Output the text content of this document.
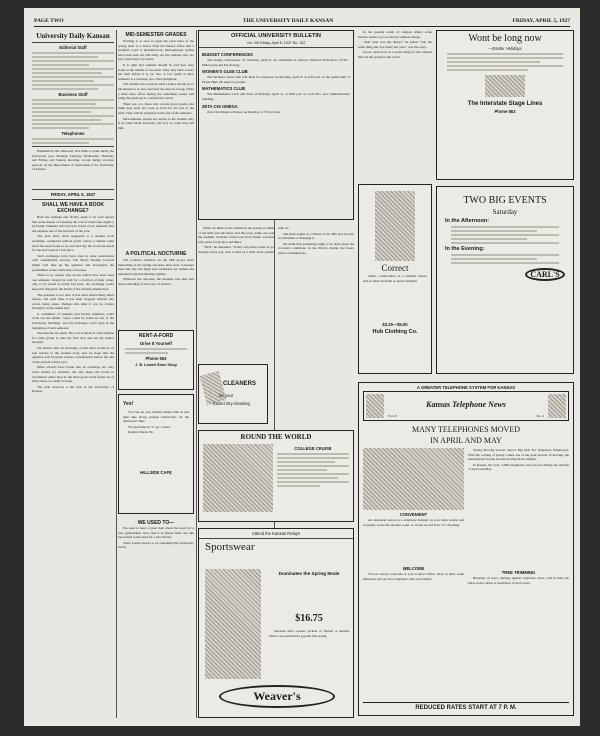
PAGE TWO	THE UNIVERSITY DAILY KANSAN	FRIDAY, APRIL 5, 1927
University Daily Kansan
Editorial Staff
Business Staff
Telephones

Published in the afternoon, five times a week during the University year, Monday, Tuesday, Wednesday, Thursday and Friday, and Sunday morning, except during vacation periods, by the Department of Journalism of the University of Kansas.

FRIDAY, APRIL 5, 1927
SHALL WE HAVE A BOOK EXCHANGE?

Both the students and faculty seem to be well agreed that some means of lowering the cost of textbooks ought to be found. Students who buy new books every semester find the expense one of the heaviest of the year.

The plan most often suggested is a student book exchange, conducted without profit, where a student could leave his used books to be sold and buy the books he needs for the next term at a fair price.

Such exchanges have been tried at other universities with considerable success. The Men's Student Council might well take up the question and investigate the possibilities at the University of Kansas.

There is no reason why books which have been used one semester should be sold for a fraction of their value, only to be resold at nearly full price. An exchange would keep this margin in the hands of the students themselves.

The question is not new. It has been raised many times before, and each time it has been dropped without any action being taken. Perhaps this time it can be carried through to some useful end.

A committee of students and faculty members could work out the details. Space could be found in one of the University buildings, and the exchange could open at the beginning of next semester.

The benefits are plain. The cost is small. It only remains for some group to take the first step and see the matter through.

We believe that an exchange of this kind would be of real service to the student body, and we hope that the question will be given serious consideration before the end of the present school year.

Other schools have found that an exchange not only saves money for students, but also keeps the books in circulation where they do the most good. Used books are of little value on a shelf at home.

The plan deserves a fair trial at the University of Kansas.

MID-SEMESTER GRADES

Nothing is so sure to upset the even tenor of the spring term as a notice from the Dean's office that a student's work is unsatisfactory. Mid-semester grades have been sent out and many are the students who are now resolving to do better.

It is right that students should be told how they stand at the middle of the term. They may then correct the fault before it is too late. A low grade at mid-semester is a warning, not a final judgment.

The student who receives such a notice should go to his instructor at once and find out what is wrong. Often a little extra effort during the remaining weeks will bring the grade up to a satisfactory level.

There are, too, those who receive good grades and think they need not work so hard for the rest of the term. They will be surprised at the end of the semester.

Mid-semester grades are useful to the student only if he takes them seriously and acts on what they tell him.

A POLITICAL NOCTURNE

The political situation on the Hill grows more interesting as the spring elections draw near. Caucuses meet late into the night and candidates are named and unnamed with bewildering rapidity.

Whatever the outcome, the students who take part learn something of the ways of politics.

RENT-A-FORD
Drive It Yourself
Phone 653
J. B. Lowell Shoe Shop
Yes!

You can eat your Sunday dinner with us and then take along enough sandwiches for the afternoon's hike.

We specialize in "to go" orders.

Regular Meals 35c

HILLSIDE CAFE
WE USED TO—

We used to hear a great deal about the need for a new gymnasium. Now that it is almost built, the talk has turned to the need for a new library.

There seems always to be something the University needs.

OFFICIAL UNIVERSITY BULLETIN
Vol. VIII Friday, April 5, 1927 No. 152
BUDGET CONFERENCES

The budget conferences for Saturday, April 6, are scheduled as follows: Physical Education, 10:30—Philosophy and Psychology.

WOMEN'S GLEE CLUB

The Women's Glee Club will meet for rehearsal on Monday, April 8, at 4:30 p.m. in the auditorium of Fraser Hall. All must be present.

MATHEMATICS CLUB

The Mathematics Club will meet on Monday, April 11, at 8:00 p.m. in room 201, new Administration building.

ZETA CHI OMEGA

Zeta Chi Omega will meet on Monday at 7:30 o'clock.

When we think of the campus in the spring we think of the hills and the lilacs and the long walks out past the stadium. Students come back from Easter vacation with plans for picnics and hikes.

"Well," he remarked, "if they only knew what we go through every day, they would be a little more patient with us."

The little engine is a fixture of the Hill and nobody would think of changing it.

We think that something ought to be done about the crowded conditions in the library during the hours before examinations.

CLEANERS
for your
Easter Dry-cleaning
ROUND THE WORLD
COLLEGE CRUISE
Attend the Kansas Relays
Sportswear
Dominates the Spring Mode
$16.75

Separate little sweater jackets of flannel or knitted fabrics are enormously popular this spring.

Weaver's

In the general realm of campus affairs some matters seem to go on forever without change.

"And what was she doing?" he asked. "Oh, the same thing she was doing last year," was the reply.

Good, clean news is a better thing for the campus than all the gossip in the world.

Correct

Shirts—comfortable as a summer breeze and as smart and trim as sports demand.

$3.25—$5.00
Hub Clothing Co.
Wont be long now
—Easter Holidays
The Interstate Stage Lines
Phone 863
TWO BIG EVENTS
Saturday
In the Afternoon:
In the Evening:
CARL'S
A GREATER TELEPHONE SYSTEM FOR KANSAS
Kansas Telephone News
Vol. II	No. 4
MANY TELEPHONES MOVED
IN APRIL AND MAY
CONVENIENT

An extension station is a telephone bridged on your main station and is usually located in another room, or on the second floor of a dwelling.

WELCOME

You are always welcome at your Central Office. Drop in there some afternoon and see how telephone calls are handled.

Spring Moving Season. Above Big Task For Telephone Employees. With the coming of spring comes one of the peak periods of moving, the householder's break and the moving man's delight.

In Kansas last year, 3,000 telephones were moved during the months of April and May.

TREE TRIMMING

Branches of trees, rubbing against telephone wires, will in time rub holes in the cables or insulation of drop wires.

REDUCED RATES START AT 7 P. M.
